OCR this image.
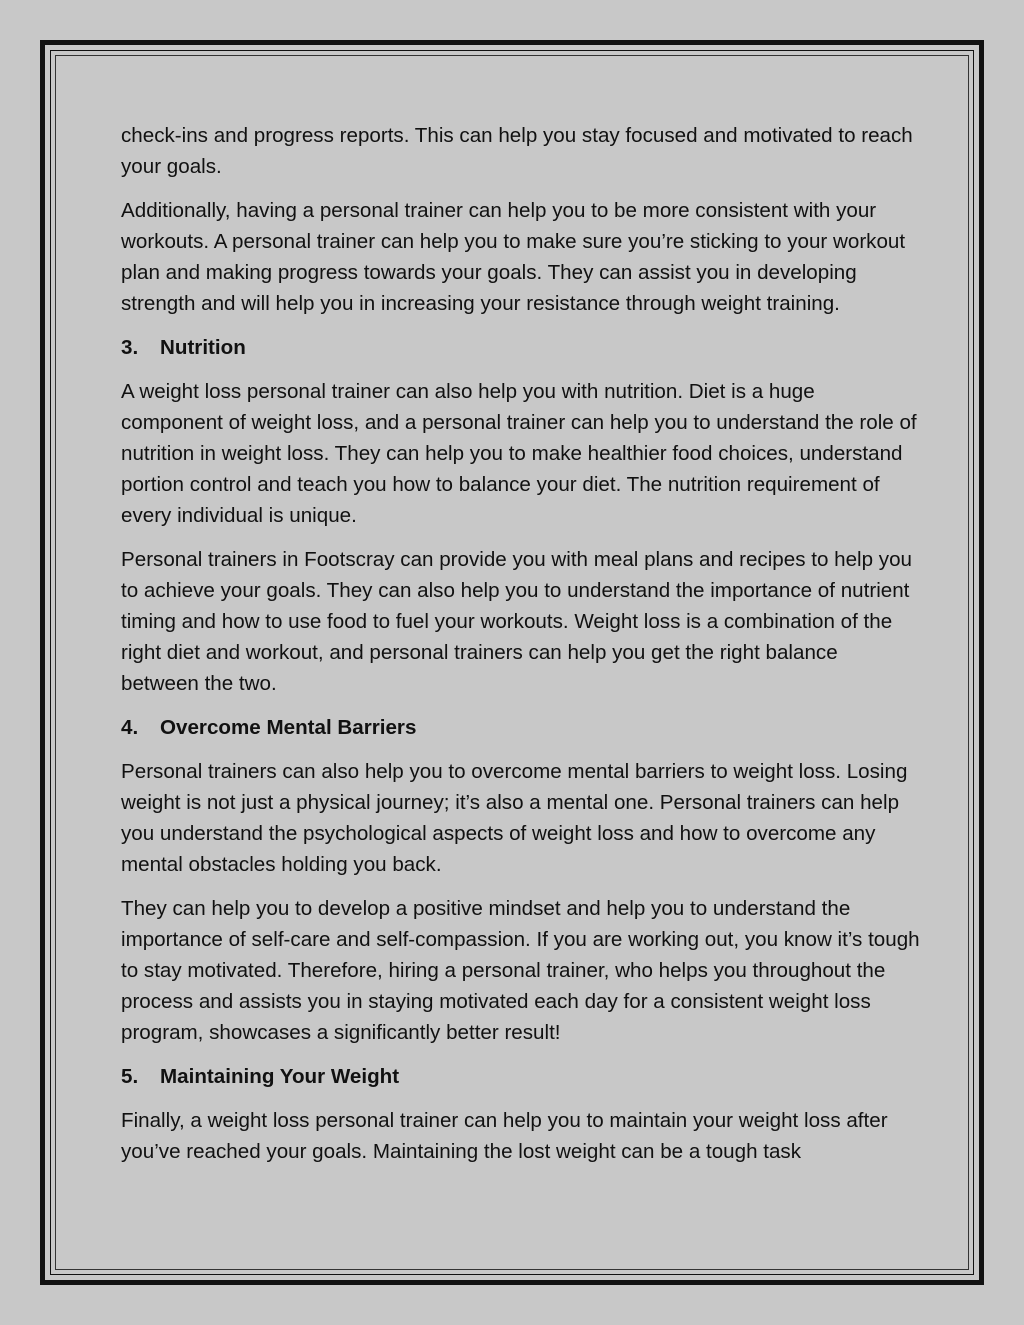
check-ins and progress reports. This can help you stay focused and motivated to reach your goals.

Additionally, having a personal trainer can help you to be more consistent with your workouts. A personal trainer can help you to make sure you’re sticking to your workout plan and making progress towards your goals. They can assist you in developing strength and will help you in increasing your resistance through weight training.

3. Nutrition

A weight loss personal trainer can also help you with nutrition. Diet is a huge component of weight loss, and a personal trainer can help you to understand the role of nutrition in weight loss. They can help you to make healthier food choices, understand portion control and teach you how to balance your diet. The nutrition requirement of every individual is unique.

Personal trainers in Footscray can provide you with meal plans and recipes to help you to achieve your goals. They can also help you to understand the importance of nutrient timing and how to use food to fuel your workouts. Weight loss is a combination of the right diet and workout, and personal trainers can help you get the right balance between the two.

4. Overcome Mental Barriers

Personal trainers can also help you to overcome mental barriers to weight loss. Losing weight is not just a physical journey; it’s also a mental one. Personal trainers can help you understand the psychological aspects of weight loss and how to overcome any mental obstacles holding you back.

They can help you to develop a positive mindset and help you to understand the importance of self-care and self-compassion. If you are working out, you know it’s tough to stay motivated. Therefore, hiring a personal trainer, who helps you throughout the process and assists you in staying motivated each day for a consistent weight loss program, showcases a significantly better result!

5. Maintaining Your Weight

Finally, a weight loss personal trainer can help you to maintain your weight loss after you’ve reached your goals. Maintaining the lost weight can be a tough task
